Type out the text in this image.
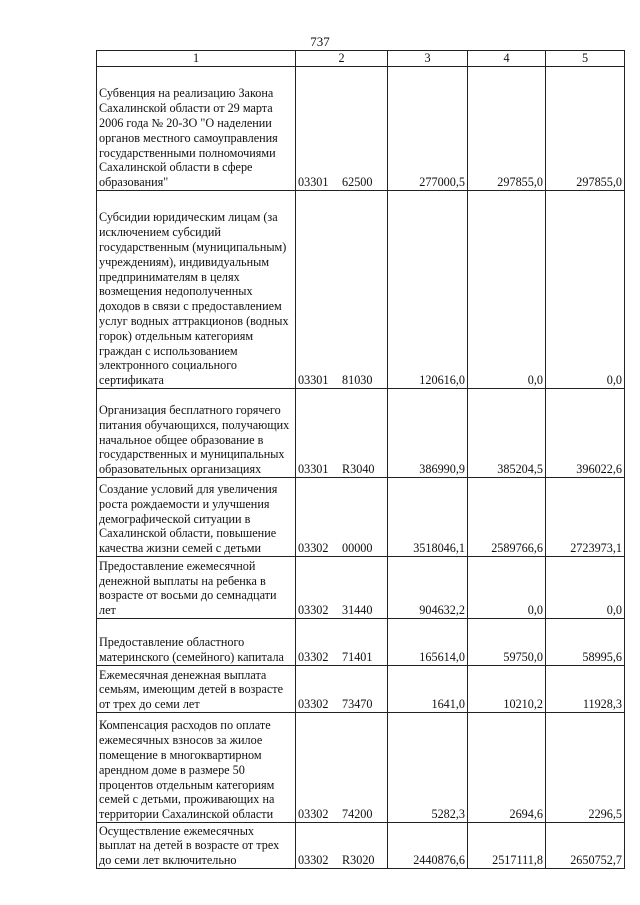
737
1	2	3	4	5
Субвенция на реализацию Закона Сахалинской области от 29 марта 2006 года № 20-ЗО "О наделении органов местного самоуправления государственными полномочиями Сахалинской области в сфере образования"	03301 62500	277000,5	297855,0	297855,0
Субсидии юридическим лицам (за исключением субсидий государственным (муниципальным) учреждениям), индивидуальным предпринимателям в целях возмещения недополученных доходов в связи с предоставлением услуг водных аттракционов (водных горок) отдельным категориям граждан с использованием электронного социального сертификата	03301 81030	120616,0	0,0	0,0
Организация бесплатного горячего питания обучающихся, получающих начальное общее образование в государственных и муниципальных образовательных организациях	03301 R3040	386990,9	385204,5	396022,6
Создание условий для увеличения роста рождаемости и улучшения демографической ситуации в Сахалинской области, повышение качества жизни семей с детьми	03302 00000	3518046,1	2589766,6	2723973,1
Предоставление ежемесячной денежной выплаты на ребенка в возрасте от восьми до семнадцати лет	03302 31440	904632,2	0,0	0,0
Предоставление областного материнского (семейного) капитала	03302 71401	165614,0	59750,0	58995,6
Ежемесячная денежная выплата семьям, имеющим детей в возрасте от трех до семи лет	03302 73470	1641,0	10210,2	11928,3
Компенсация расходов по оплате ежемесячных взносов за жилое помещение в многоквартирном арендном доме в размере 50 процентов отдельным категориям семей с детьми, проживающих на территории Сахалинской области	03302 74200	5282,3	2694,6	2296,5
Осуществление ежемесячных выплат на детей в возрасте от трех до семи лет включительно	03302 R3020	2440876,6	2517111,8	2650752,7
